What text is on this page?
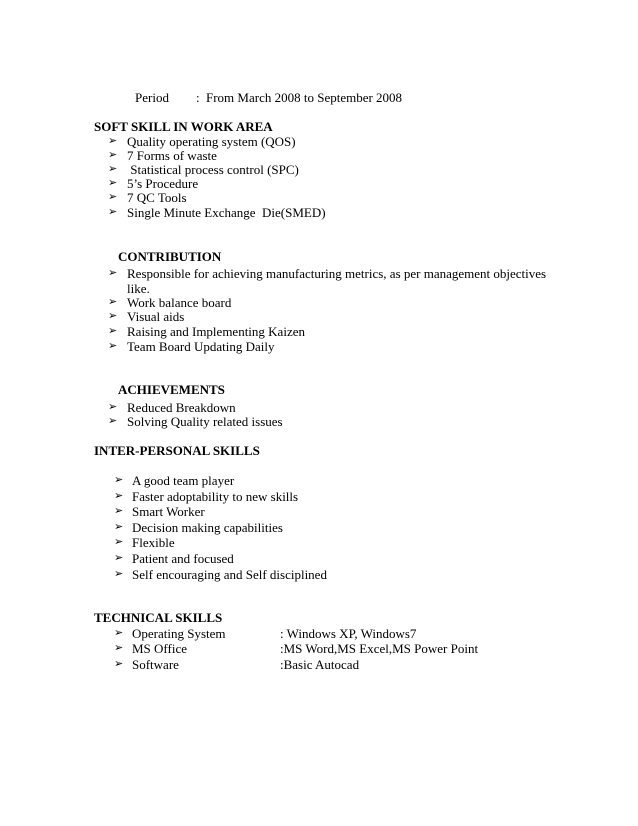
Period : From March 2008 to September 2008
SOFT SKILL IN WORK AREA
➢ Quality operating system (QOS)
➢ 7 Forms of waste
➢ Statistical process control (SPC)
➢ 5’s Procedure
➢ 7 QC Tools
➢ Single Minute Exchange  Die(SMED)
CONTRIBUTION
➢ Responsible for achieving manufacturing metrics, as per management objectives
like.
➢ Work balance board
➢ Visual aids
➢ Raising and Implementing Kaizen
➢ Team Board Updating Daily
ACHIEVEMENTS
➢ Reduced Breakdown
➢ Solving Quality related issues
INTER-PERSONAL SKILLS
➢ A good team player
➢ Faster adoptability to new skills
➢ Smart Worker
➢ Decision making capabilities
➢ Flexible
➢ Patient and focused
➢ Self encouraging and Self disciplined
TECHNICAL SKILLS
➢ Operating System	: Windows XP, Windows7
➢ MS Office	:MS Word,MS Excel,MS Power Point
➢ Software	:Basic Autocad
